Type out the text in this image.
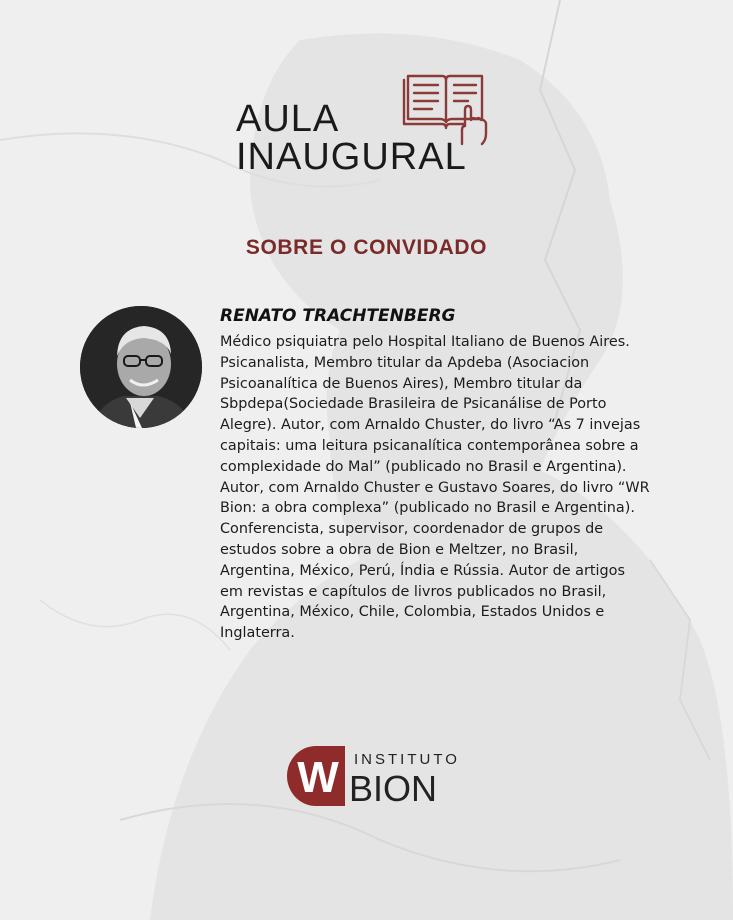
AULA
INAUGURAL
SOBRE O CONVIDADO
RENATO TRACHTENBERG

Médico psiquiatra pelo Hospital Italiano de Buenos Aires. Psicanalista, Membro titular da Apdeba (Asociacion Psicoanalítica de Buenos Aires), Membro titular da Sbpdepa(Sociedade Brasileira de Psicanálise de Porto Alegre). Autor, com Arnaldo Chuster, do livro “As 7 invejas capitais: uma leitura psicanalítica contemporânea sobre a complexidade do Mal” (publicado no Brasil e Argentina). Autor, com Arnaldo Chuster e Gustavo Soares, do livro “WR Bion: a obra complexa” (publicado no Brasil e Argentina). Conferencista, supervisor, coordenador de grupos de estudos sobre a obra de Bion e Meltzer, no Brasil, Argentina, México, Perú, Índia e Rússia. Autor de artigos em revistas e capítulos de livros publicados no Brasil, Argentina, México, Chile, Colombia, Estados Unidos e Inglaterra.

W INSTITUTO
BION
